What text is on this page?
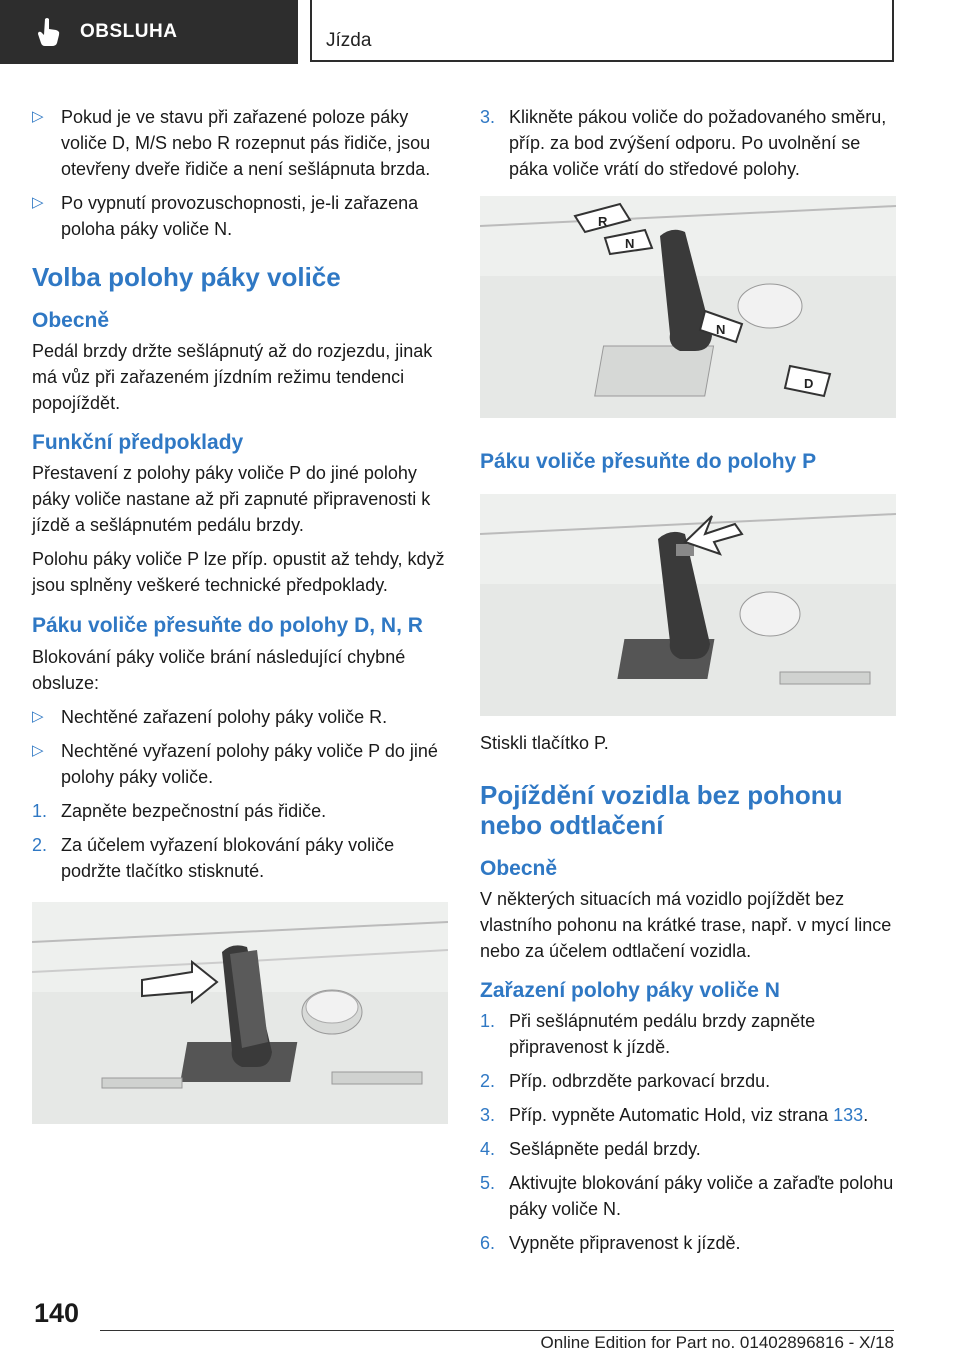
OBSLUHA	Jízda
▷ Pokud je ve stavu při zařazené poloze páky voliče D, M/S nebo R rozepnut pás řidiče, jsou otevřeny dveře řidiče a není sešlápnuta brzda.
▷ Po vypnutí provozuschopnosti, je-li zařazena poloha páky voliče N.
Volba polohy páky voliče
Obecně

Pedál brzdy držte sešlápnutý až do rozjezdu, jinak má vůz při zařazeném jízdním režimu tendenci popojíždět.

Funkční předpoklady

Přestavení z polohy páky voliče P do jiné polohy páky voliče nastane až při zapnuté připravenosti k jízdě a sešlápnutém pedálu brzdy.

Polohu páky voliče P lze příp. opustit až tehdy, když jsou splněny veškeré technické předpoklady.

Páku voliče přesuňte do polohy D, N, R

Blokování páky voliče brání následující chybné obsluze:

▷ Nechtěné zařazení polohy páky voliče R.
▷ Nechtěné vyřazení polohy páky voliče P do jiné polohy páky voliče.
1. Zapněte bezpečnostní pás řidiče.
2. Za účelem vyřazení blokování páky voliče podržte tlačítko stisknuté.
3. Klikněte pákou voliče do požadovaného směru, příp. za bod zvýšení odporu. Po uvolnění se páka voliče vrátí do středové polohy.
R
N
N
D
Páku voliče přesuňte do polohy P

Stiskli tlačítko P.

Pojíždění vozidla bez pohonu nebo odtlačení
Obecně

V některých situacích má vozidlo pojíždět bez vlastního pohonu na krátké trase, např. v mycí lince nebo za účelem odtlačení vozidla.

Zařazení polohy páky voliče N
1. Při sešlápnutém pedálu brzdy zapněte připravenost k jízdě.
2. Příp. odbrzděte parkovací brzdu.
3. Příp. vypněte Automatic Hold, viz strana 133.
4. Sešlápněte pedál brzdy.
5. Aktivujte blokování páky voliče a zařaďte polohu páky voliče N.
6. Vypněte připravenost k jízdě.
140
Online Edition for Part no. 01402896816 - X/18
